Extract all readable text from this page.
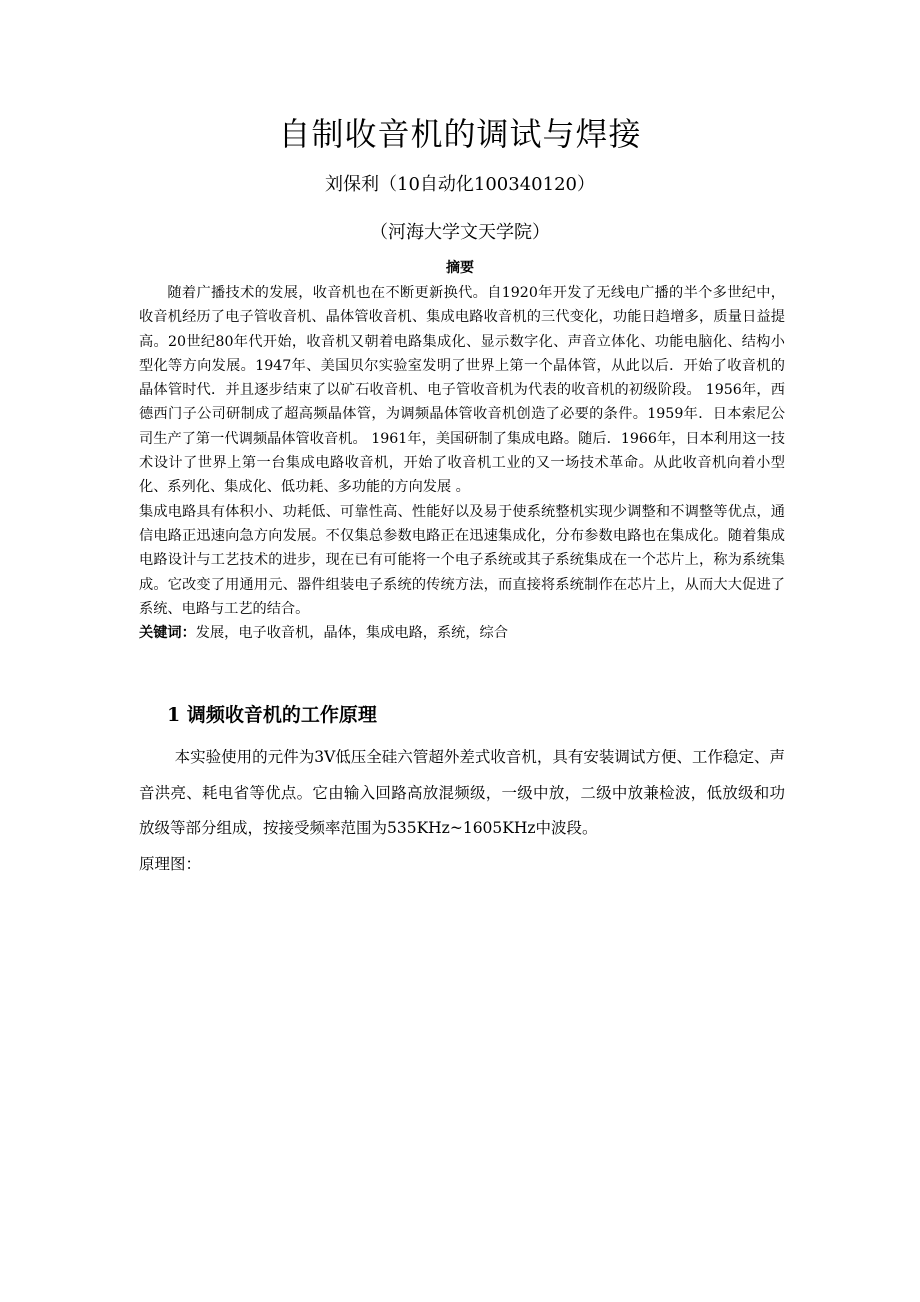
自制收音机的调试与焊接
刘保利（10自动化100340120）
（河海大学文天学院）
摘要

随着广播技术的发展，收音机也在不断更新换代。自1920年开发了无线电广播的半个多世纪中，收音机经历了电子管收音机、晶体管收音机、集成电路收音机的三代变化，功能日趋增多，质量日益提高。20世纪80年代开始，收音机又朝着电路集成化、显示数字化、声音立体化、功能电脑化、结构小型化等方向发展。1947年、美国贝尔实验室发明了世界上第一个晶体管，从此以后．开始了收音机的晶体管时代．并且逐步结束了以矿石收音机、电子管收音机为代表的收音机的初级阶段。 1956年，西德西门子公司研制成了超高频晶体管，为调频晶体管收音机创造了必要的条件。1959年．日本索尼公司生产了第一代调频晶体管收音机。 1961年，美国研制了集成电路。随后．1966年，日本利用这一技术设计了世界上第一台集成电路收音机，开始了收音机工业的又一场技术革命。从此收音机向着小型化、系列化、集成化、低功耗、多功能的方向发展 。

集成电路具有体积小、功耗低、可靠性高、性能好以及易于使系统整机实现少调整和不调整等优点，通信电路正迅速向急方向发展。不仅集总参数电路正在迅速集成化，分布参数电路也在集成化。随着集成电路设计与工艺技术的进步，现在已有可能将一个电子系统或其子系统集成在一个芯片上，称为系统集成。它改变了用通用元、器件组装电子系统的传统方法，而直接将系统制作在芯片上，从而大大促进了系统、电路与工艺的结合。

关键词：发展，电子收音机，晶体，集成电路，系统，综合

1 调频收音机的工作原理

本实验使用的元件为3V低压全硅六管超外差式收音机，具有安装调试方便、工作稳定、声音洪亮、耗电省等优点。它由输入回路高放混频级，一级中放，二级中放兼检波，低放级和功放级等部分组成，按接受频率范围为535KHz~1605KHz中波段。

原理图：
